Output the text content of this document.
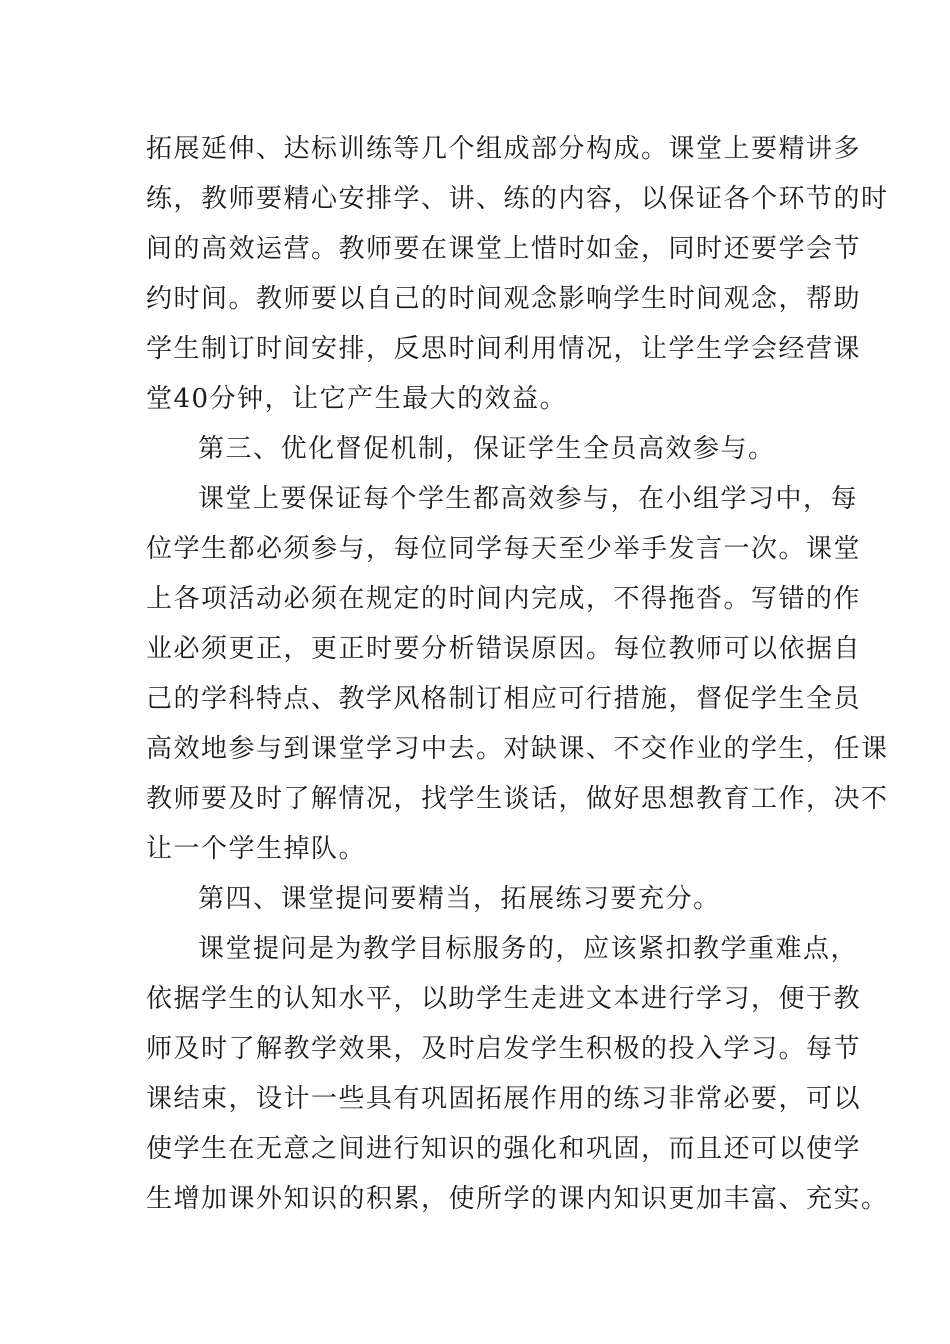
拓展延伸、达标训练等几个组成部分构成。课堂上要精讲多
练，教师要精心安排学、讲、练的内容，以保证各个环节的时
间的高效运营。教师要在课堂上惜时如金，同时还要学会节
约时间。教师要以自己的时间观念影响学生时间观念，帮助
学生制订时间安排，反思时间利用情况，让学生学会经营课
堂40分钟，让它产生最大的效益。
第三、优化督促机制，保证学生全员高效参与。
课堂上要保证每个学生都高效参与，在小组学习中，每
位学生都必须参与，每位同学每天至少举手发言一次。课堂
上各项活动必须在规定的时间内完成，不得拖沓。写错的作
业必须更正，更正时要分析错误原因。每位教师可以依据自
己的学科特点、教学风格制订相应可行措施，督促学生全员
高效地参与到课堂学习中去。对缺课、不交作业的学生，任课
教师要及时了解情况，找学生谈话，做好思想教育工作，决不
让一个学生掉队。
第四、课堂提问要精当，拓展练习要充分。
课堂提问是为教学目标服务的，应该紧扣教学重难点，
依据学生的认知水平，以助学生走进文本进行学习，便于教
师及时了解教学效果，及时启发学生积极的投入学习。每节
课结束，设计一些具有巩固拓展作用的练习非常必要，可以
使学生在无意之间进行知识的强化和巩固，而且还可以使学
生增加课外知识的积累，使所学的课内知识更加丰富、充实。
